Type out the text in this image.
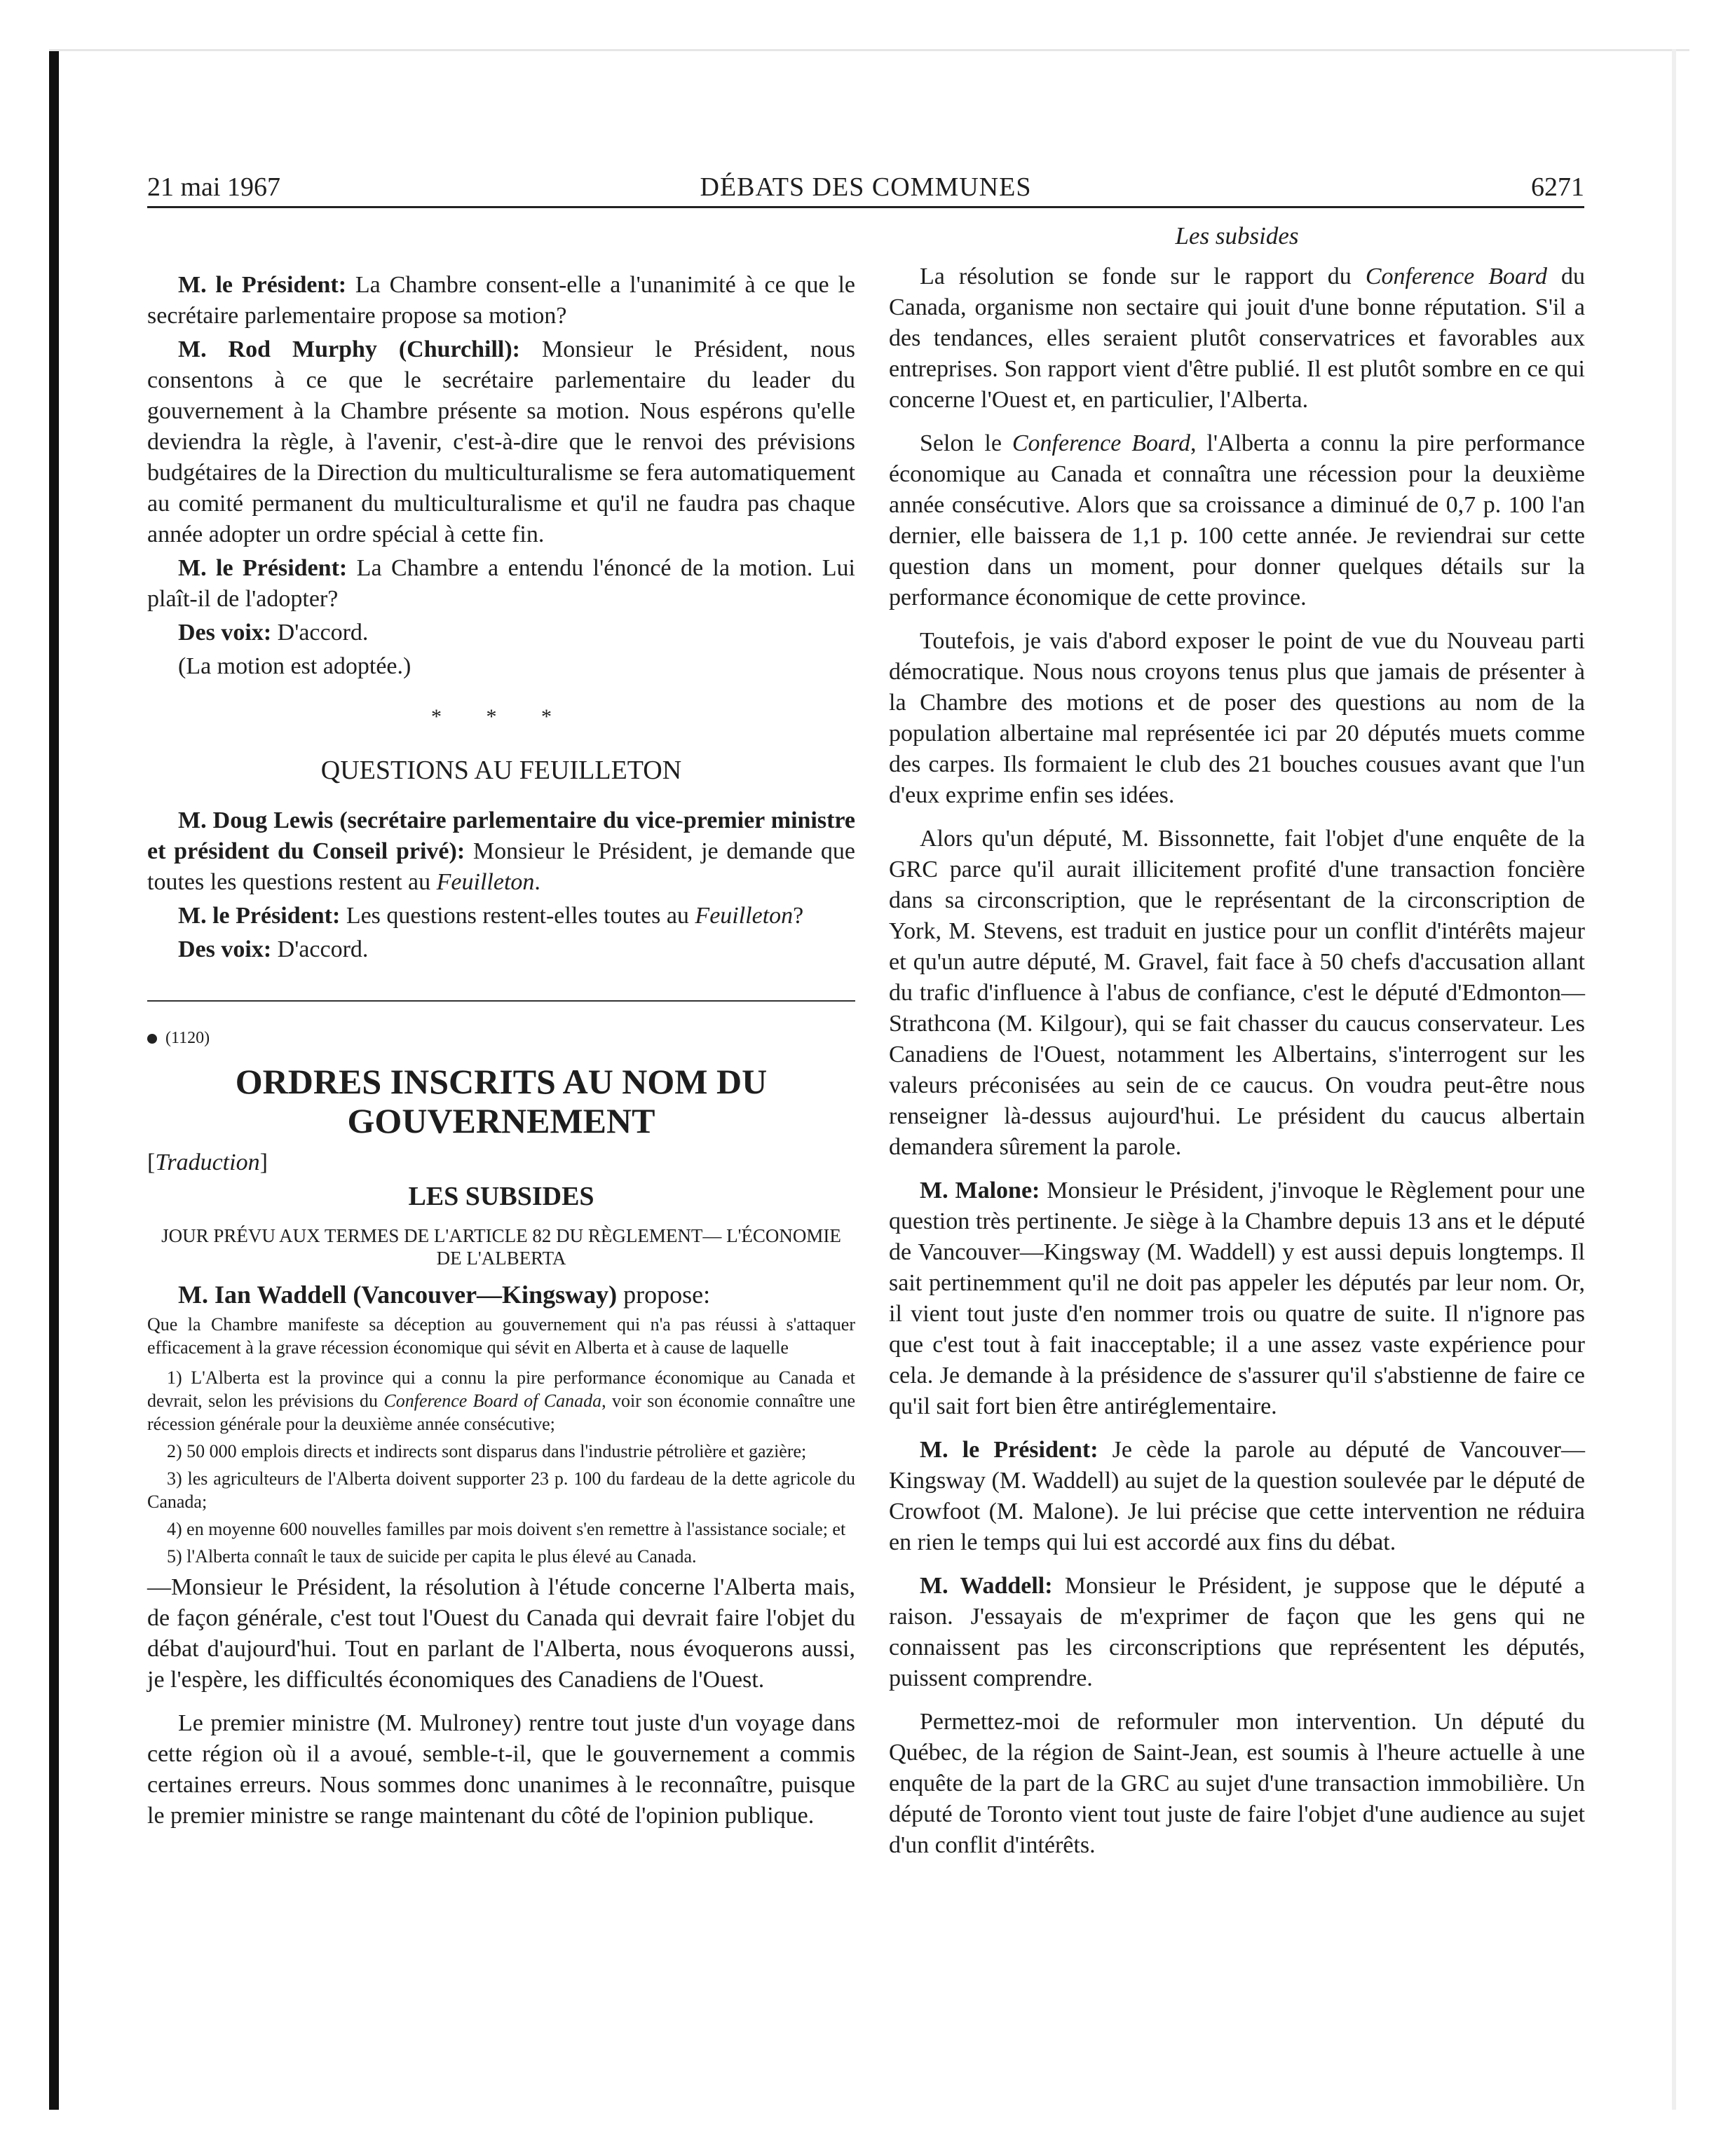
21 mai 1967	DÉBATS DES COMMUNES	6271

M. le Président: La Chambre consent-elle a l'unanimité à ce que le secrétaire parlementaire propose sa motion?

M. Rod Murphy (Churchill): Monsieur le Président, nous consentons à ce que le secrétaire parlementaire du leader du gouvernement à la Chambre présente sa motion. Nous espérons qu'elle deviendra la règle, à l'avenir, c'est-à-dire que le renvoi des prévisions budgétaires de la Direction du multiculturalisme se fera automatiquement au comité permanent du multiculturalisme et qu'il ne faudra pas chaque année adopter un ordre spécial à cette fin.

M. le Président: La Chambre a entendu l'énoncé de la motion. Lui plaît-il de l'adopter?

Des voix: D'accord.

(La motion est adoptée.)

* * *
QUESTIONS AU FEUILLETON

M. Doug Lewis (secrétaire parlementaire du vice-premier ministre et président du Conseil privé): Monsieur le Président, je demande que toutes les questions restent au Feuilleton.

M. le Président: Les questions restent-elles toutes au Feuilleton?

Des voix: D'accord.

(1120)
ORDRES INSCRITS AU NOM DU GOUVERNEMENT
[Traduction]
LES SUBSIDES
JOUR PRÉVU AUX TERMES DE L'ARTICLE 82 DU RÈGLEMENT— L'ÉCONOMIE DE L'ALBERTA

M. Ian Waddell (Vancouver—Kingsway) propose:

Que la Chambre manifeste sa déception au gouvernement qui n'a pas réussi à s'attaquer efficacement à la grave récession économique qui sévit en Alberta et à cause de laquelle
1) L'Alberta est la province qui a connu la pire performance économique au Canada et devrait, selon les prévisions du Conference Board of Canada, voir son économie connaître une récession générale pour la deuxième année consécutive;
2) 50 000 emplois directs et indirects sont disparus dans l'industrie pétrolière et gazière;
3) les agriculteurs de l'Alberta doivent supporter 23 p. 100 du fardeau de la dette agricole du Canada;
4) en moyenne 600 nouvelles familles par mois doivent s'en remettre à l'assistance sociale; et
5) l'Alberta connaît le taux de suicide per capita le plus élevé au Canada.

—Monsieur le Président, la résolution à l'étude concerne l'Alberta mais, de façon générale, c'est tout l'Ouest du Canada qui devrait faire l'objet du débat d'aujourd'hui. Tout en parlant de l'Alberta, nous évoquerons aussi, je l'espère, les difficultés économiques des Canadiens de l'Ouest.

Le premier ministre (M. Mulroney) rentre tout juste d'un voyage dans cette région où il a avoué, semble-t-il, que le gouvernement a commis certaines erreurs. Nous sommes donc unanimes à le reconnaître, puisque le premier ministre se range maintenant du côté de l'opinion publique.

Les subsides

La résolution se fonde sur le rapport du Conference Board du Canada, organisme non sectaire qui jouit d'une bonne réputation. S'il a des tendances, elles seraient plutôt conservatrices et favorables aux entreprises. Son rapport vient d'être publié. Il est plutôt sombre en ce qui concerne l'Ouest et, en particulier, l'Alberta.

Selon le Conference Board, l'Alberta a connu la pire performance économique au Canada et connaîtra une récession pour la deuxième année consécutive. Alors que sa croissance a diminué de 0,7 p. 100 l'an dernier, elle baissera de 1,1 p. 100 cette année. Je reviendrai sur cette question dans un moment, pour donner quelques détails sur la performance économique de cette province.

Toutefois, je vais d'abord exposer le point de vue du Nouveau parti démocratique. Nous nous croyons tenus plus que jamais de présenter à la Chambre des motions et de poser des questions au nom de la population albertaine mal représentée ici par 20 députés muets comme des carpes. Ils formaient le club des 21 bouches cousues avant que l'un d'eux exprime enfin ses idées.

Alors qu'un député, M. Bissonnette, fait l'objet d'une enquête de la GRC parce qu'il aurait illicitement profité d'une transaction foncière dans sa circonscription, que le représentant de la circonscription de York, M. Stevens, est traduit en justice pour un conflit d'intérêts majeur et qu'un autre député, M. Gravel, fait face à 50 chefs d'accusation allant du trafic d'influence à l'abus de confiance, c'est le député d'Edmonton—Strathcona (M. Kilgour), qui se fait chasser du caucus conservateur. Les Canadiens de l'Ouest, notamment les Albertains, s'interrogent sur les valeurs préconisées au sein de ce caucus. On voudra peut-être nous renseigner là-dessus aujourd'hui. Le président du caucus albertain demandera sûrement la parole.

M. Malone: Monsieur le Président, j'invoque le Règlement pour une question très pertinente. Je siège à la Chambre depuis 13 ans et le député de Vancouver—Kingsway (M. Waddell) y est aussi depuis longtemps. Il sait pertinemment qu'il ne doit pas appeler les députés par leur nom. Or, il vient tout juste d'en nommer trois ou quatre de suite. Il n'ignore pas que c'est tout à fait inacceptable; il a une assez vaste expérience pour cela. Je demande à la présidence de s'assurer qu'il s'abstienne de faire ce qu'il sait fort bien être antiréglementaire.

M. le Président: Je cède la parole au député de Vancouver—Kingsway (M. Waddell) au sujet de la question soulevée par le député de Crowfoot (M. Malone). Je lui précise que cette intervention ne réduira en rien le temps qui lui est accordé aux fins du débat.

M. Waddell: Monsieur le Président, je suppose que le député a raison. J'essayais de m'exprimer de façon que les gens qui ne connaissent pas les circonscriptions que représentent les députés, puissent comprendre.

Permettez-moi de reformuler mon intervention. Un député du Québec, de la région de Saint-Jean, est soumis à l'heure actuelle à une enquête de la part de la GRC au sujet d'une transaction immobilière. Un député de Toronto vient tout juste de faire l'objet d'une audience au sujet d'un conflit d'intérêts.
